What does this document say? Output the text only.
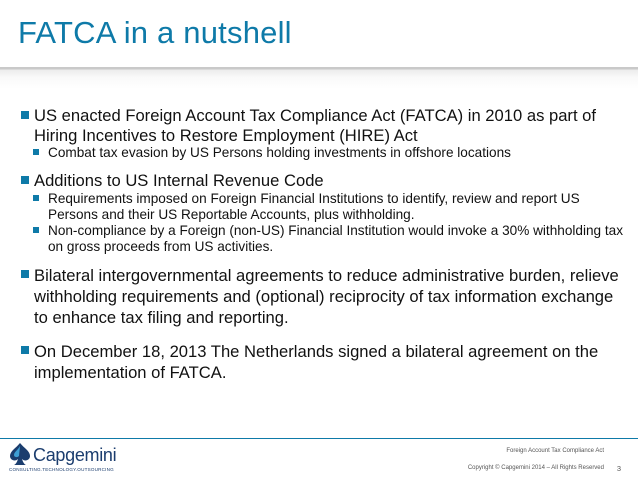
FATCA in a nutshell
US enacted Foreign Account Tax Compliance Act (FATCA) in 2010 as part of Hiring Incentives to Restore Employment (HIRE) Act
Combat tax evasion by US Persons holding investments in offshore locations
Additions to US Internal Revenue Code
Requirements imposed on Foreign Financial Institutions to identify, review and report US Persons and their US Reportable Accounts, plus withholding.
Non-compliance by a Foreign (non-US) Financial Institution would invoke a 30% withholding tax on gross proceeds from US activities.
Bilateral intergovernmental agreements to reduce administrative burden, relieve withholding requirements and (optional) reciprocity of tax information exchange to enhance tax filing and reporting.
On December 18, 2013 The Netherlands signed a bilateral agreement on the implementation of FATCA.
Capgemini
CONSULTING.TECHNOLOGY.OUTSOURCING
Foreign Account Tax Compliance Act
Copyright © Capgemini 2014 – All Rights Reserved 3
